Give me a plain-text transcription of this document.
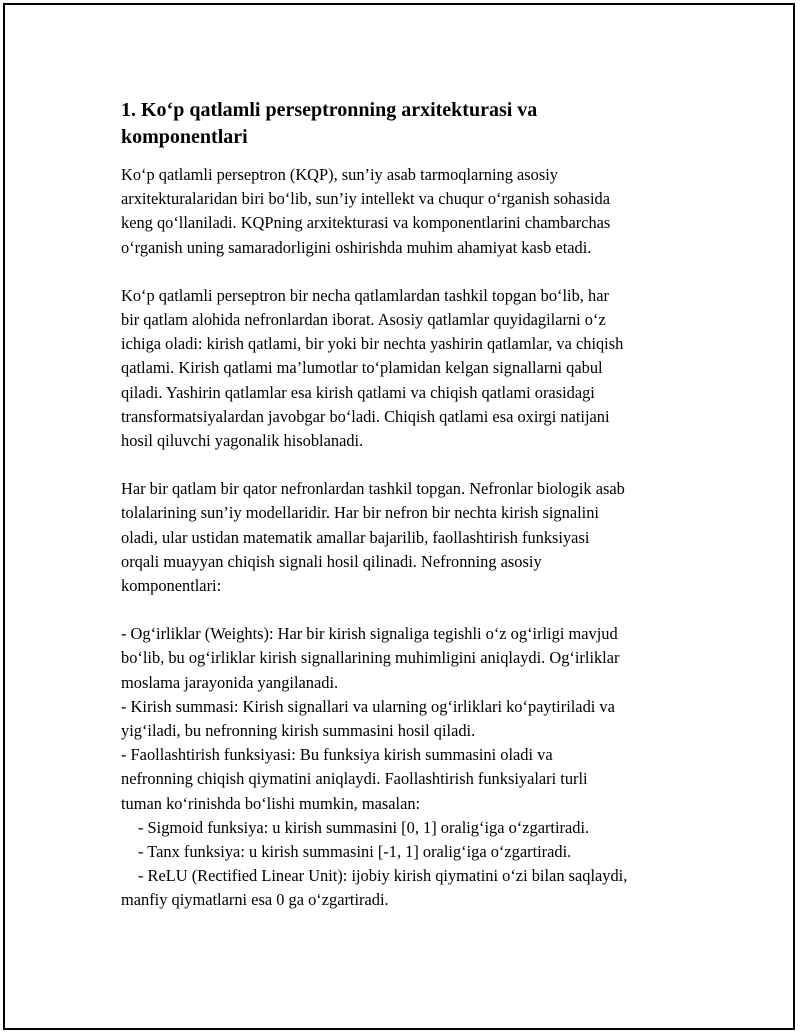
1. Ko‘p qatlamli perseptronning arxitekturasi va
komponentlari
Ko‘p qatlamli perseptron (KQP), sun’iy asab tarmoqlarning asosiy
arxitekturalaridan biri bo‘lib, sun’iy intellekt va chuqur o‘rganish sohasida
keng qo‘llaniladi. KQPning arxitekturasi va komponentlarini chambarchas
o‘rganish uning samaradorligini oshirishda muhim ahamiyat kasb etadi.
Ko‘p qatlamli perseptron bir necha qatlamlardan tashkil topgan bo‘lib, har
bir qatlam alohida nefronlardan iborat. Asosiy qatlamlar quyidagilarni o‘z
ichiga oladi: kirish qatlami, bir yoki bir nechta yashirin qatlamlar, va chiqish
qatlami. Kirish qatlami ma’lumotlar to‘plamidan kelgan signallarni qabul
qiladi. Yashirin qatlamlar esa kirish qatlami va chiqish qatlami orasidagi
transformatsiyalardan javobgar bo‘ladi. Chiqish qatlami esa oxirgi natijani
hosil qiluvchi yagonalik hisoblanadi.
Har bir qatlam bir qator nefronlardan tashkil topgan. Nefronlar biologik asab
tolalarining sun’iy modellaridir. Har bir nefron bir nechta kirish signalini
oladi, ular ustidan matematik amallar bajarilib, faollashtirish funksiyasi
orqali muayyan chiqish signali hosil qilinadi. Nefronning asosiy
komponentlari:
- Og‘irliklar (Weights): Har bir kirish signaliga tegishli o‘z og‘irligi mavjud
bo‘lib, bu og‘irliklar kirish signallarining muhimligini aniqlaydi. Og‘irliklar
moslama jarayonida yangilanadi.
- Kirish summasi: Kirish signallari va ularning og‘irliklari ko‘paytiriladi va
yig‘iladi, bu nefronning kirish summasini hosil qiladi.
- Faollashtirish funksiyasi: Bu funksiya kirish summasini oladi va
nefronning chiqish qiymatini aniqlaydi. Faollashtirish funksiyalari turli
tuman ko‘rinishda bo‘lishi mumkin, masalan:
- Sigmoid funksiya: u kirish summasini [0, 1] oralig‘iga o‘zgartiradi.
- Tanx funksiya: u kirish summasini [-1, 1] oralig‘iga o‘zgartiradi.
- ReLU (Rectified Linear Unit): ijobiy kirish qiymatini o‘zi bilan saqlaydi,
manfiy qiymatlarni esa 0 ga o‘zgartiradi.
